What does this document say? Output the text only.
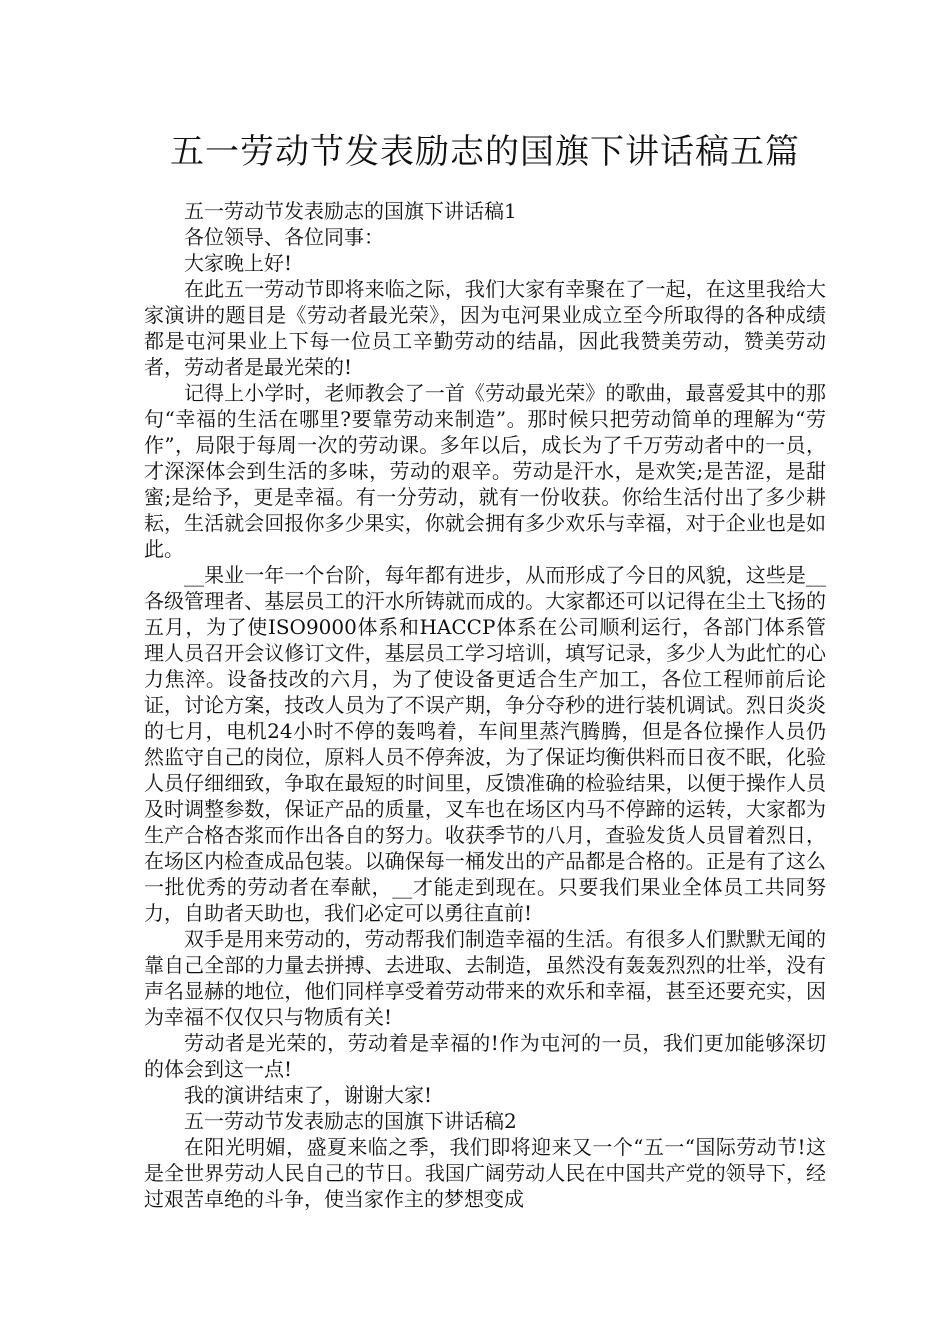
五一劳动节发表励志的国旗下讲话稿五篇

五一劳动节发表励志的国旗下讲话稿1

各位领导、各位同事：

大家晚上好!

在此五一劳动节即将来临之际，我们大家有幸聚在了一起，在这里我给大家演讲的题目是《劳动者最光荣》，因为屯河果业成立至今所取得的各种成绩都是屯河果业上下每一位员工辛勤劳动的结晶，因此我赞美劳动，赞美劳动者，劳动者是最光荣的!

记得上小学时，老师教会了一首《劳动最光荣》的歌曲，最喜爱其中的那句“幸福的生活在哪里?要靠劳动来制造”。那时候只把劳动简单的理解为“劳作”，局限于每周一次的劳动课。多年以后，成长为了千万劳动者中的一员，才深深体会到生活的多味，劳动的艰辛。劳动是汗水，是欢笑;是苦涩，是甜蜜;是给予，更是幸福。有一分劳动，就有一份收获。你给生活付出了多少耕耘，生活就会回报你多少果实，你就会拥有多少欢乐与幸福，对于企业也是如此。

__果业一年一个台阶，每年都有进步，从而形成了今日的风貌，这些是__各级管理者、基层员工的汗水所铸就而成的。大家都还可以记得在尘土飞扬的五月，为了使ISO9000体系和HACCP体系在公司顺利运行，各部门体系管理人员召开会议修订文件，基层员工学习培训，填写记录，多少人为此忙的心力焦淬。设备技改的六月，为了使设备更适合生产加工，各位工程师前后论证，讨论方案，技改人员为了不误产期，争分夺秒的进行装机调试。烈日炎炎的七月，电机24小时不停的轰鸣着，车间里蒸汽腾腾，但是各位操作人员仍然监守自己的岗位，原料人员不停奔波，为了保证均衡供料而日夜不眠，化验人员仔细细致，争取在最短的时间里，反馈准确的检验结果，以便于操作人员及时调整参数，保证产品的质量，叉车也在场区内马不停蹄的运转，大家都为生产合格杏浆而作出各自的努力。收获季节的八月，查验发货人员冒着烈日，在场区内检查成品包装。以确保每一桶发出的产品都是合格的。正是有了这么一批优秀的劳动者在奉献，__才能走到现在。只要我们果业全体员工共同努力，自助者天助也，我们必定可以勇往直前!

双手是用来劳动的，劳动帮我们制造幸福的生活。有很多人们默默无闻的靠自己全部的力量去拼搏、去进取、去制造，虽然没有轰轰烈烈的壮举，没有声名显赫的地位，他们同样享受着劳动带来的欢乐和幸福，甚至还要充实，因为幸福不仅仅只与物质有关!

劳动者是光荣的，劳动着是幸福的!作为屯河的一员，我们更加能够深切的体会到这一点!

我的演讲结束了，谢谢大家!

五一劳动节发表励志的国旗下讲话稿2

在阳光明媚，盛夏来临之季，我们即将迎来又一个“五一“国际劳动节!这是全世界劳动人民自己的节日。我国广阔劳动人民在中国共产党的领导下，经过艰苦卓绝的斗争，使当家作主的梦想变成
